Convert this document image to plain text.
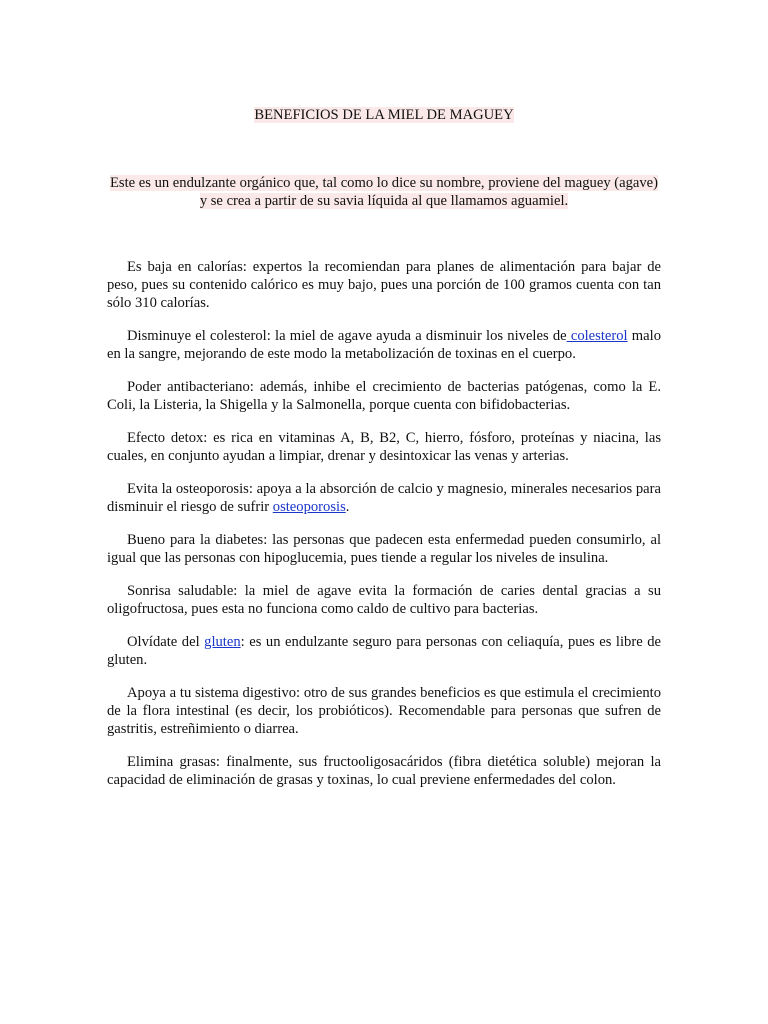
BENEFICIOS DE LA MIEL DE MAGUEY
Este es un endulzante orgánico que, tal como lo dice su nombre, proviene del maguey (agave) y se crea a partir de su savia líquida al que llamamos aguamiel.

Es baja en calorías: expertos la recomiendan para planes de alimentación para bajar de peso, pues su contenido calórico es muy bajo, pues una porción de 100 gramos cuenta con tan sólo 310 calorías.

Disminuye el colesterol: la miel de agave ayuda a disminuir los niveles de colesterol malo en la sangre, mejorando de este modo la metabolización de toxinas en el cuerpo.

Poder antibacteriano: además, inhibe el crecimiento de bacterias patógenas, como la E. Coli, la Listeria, la Shigella y la Salmonella, porque cuenta con bifidobacterias.

Efecto detox: es rica en vitaminas A, B, B2, C, hierro, fósforo, proteínas y niacina, las cuales, en conjunto ayudan a limpiar, drenar y desintoxicar las venas y arterias.

Evita la osteoporosis: apoya a la absorción de calcio y magnesio, minerales necesarios para disminuir el riesgo de sufrir osteoporosis.

Bueno para la diabetes: las personas que padecen esta enfermedad pueden consumirlo, al igual que las personas con hipoglucemia, pues tiende a regular los niveles de insulina.

Sonrisa saludable: la miel de agave evita la formación de caries dental gracias a su oligofructosa, pues esta no funciona como caldo de cultivo para bacterias.

Olvídate del gluten: es un endulzante seguro para personas con celiaquía, pues es libre de gluten.

Apoya a tu sistema digestivo: otro de sus grandes beneficios es que estimula el crecimiento de la flora intestinal (es decir, los probióticos). Recomendable para personas que sufren de gastritis, estreñimiento o diarrea.

Elimina grasas: finalmente, sus fructooligosacáridos (fibra dietética soluble) mejoran la capacidad de eliminación de grasas y toxinas, lo cual previene enfermedades del colon.
